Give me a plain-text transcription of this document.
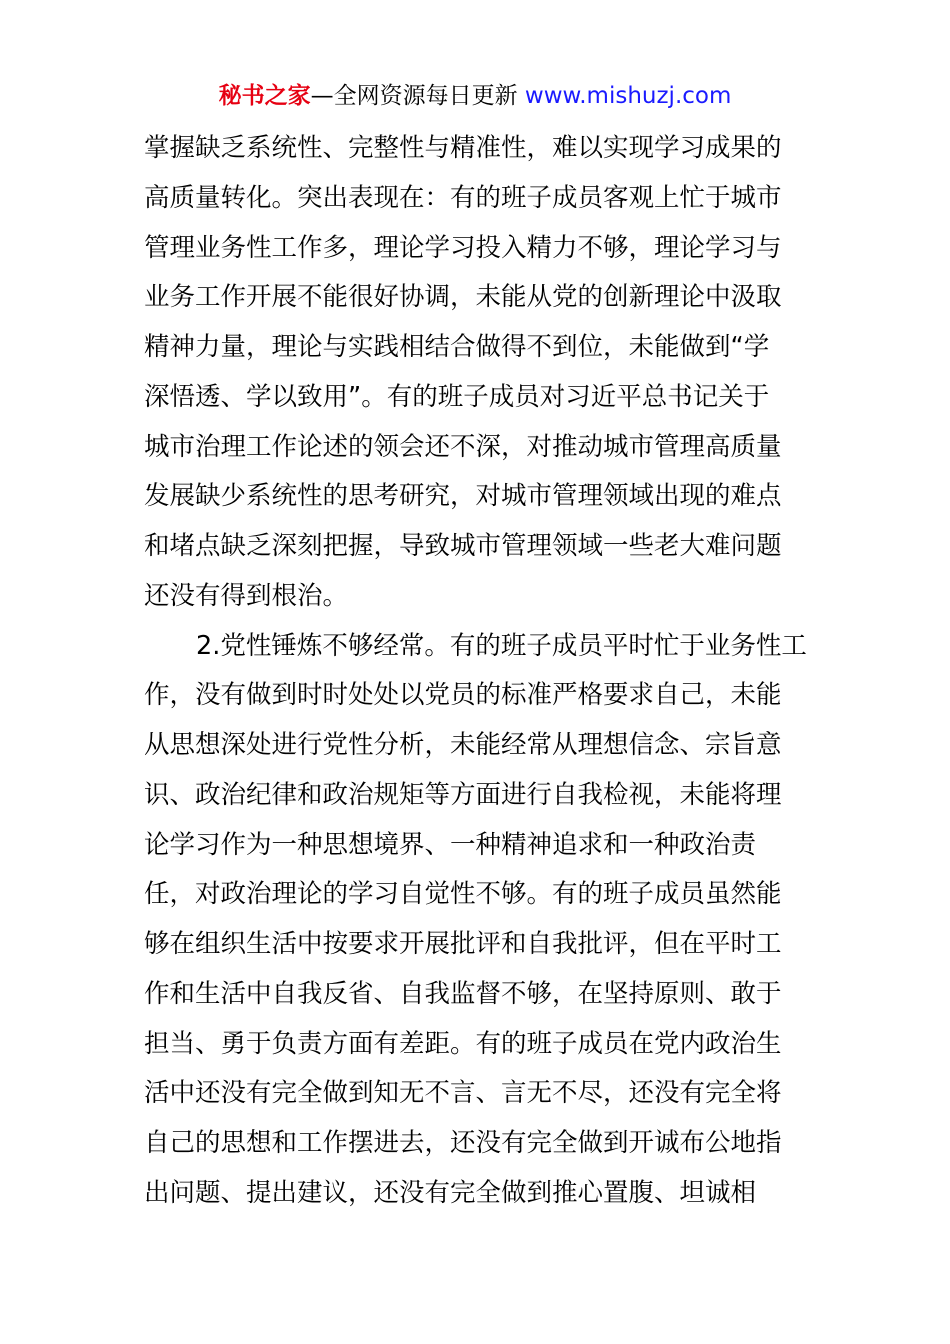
秘书之家—全网资源每日更新 www.mishuzj.com
掌握缺乏系统性、完整性与精准性，难以实现学习成果的
高质量转化。突出表现在：有的班子成员客观上忙于城市
管理业务性工作多，理论学习投入精力不够，理论学习与
业务工作开展不能很好协调，未能从党的创新理论中汲取
精神力量，理论与实践相结合做得不到位，未能做到“学
深悟透、学以致用”。有的班子成员对习近平总书记关于
城市治理工作论述的领会还不深，对推动城市管理高质量
发展缺少系统性的思考研究，对城市管理领域出现的难点
和堵点缺乏深刻把握，导致城市管理领域一些老大难问题
还没有得到根治。
2.党性锤炼不够经常。有的班子成员平时忙于业务性工
作，没有做到时时处处以党员的标准严格要求自己，未能
从思想深处进行党性分析，未能经常从理想信念、宗旨意
识、政治纪律和政治规矩等方面进行自我检视，未能将理
论学习作为一种思想境界、一种精神追求和一种政治责
任，对政治理论的学习自觉性不够。有的班子成员虽然能
够在组织生活中按要求开展批评和自我批评，但在平时工
作和生活中自我反省、自我监督不够，在坚持原则、敢于
担当、勇于负责方面有差距。有的班子成员在党内政治生
活中还没有完全做到知无不言、言无不尽，还没有完全将
自己的思想和工作摆进去，还没有完全做到开诚布公地指
出问题、提出建议，还没有完全做到推心置腹、坦诚相
